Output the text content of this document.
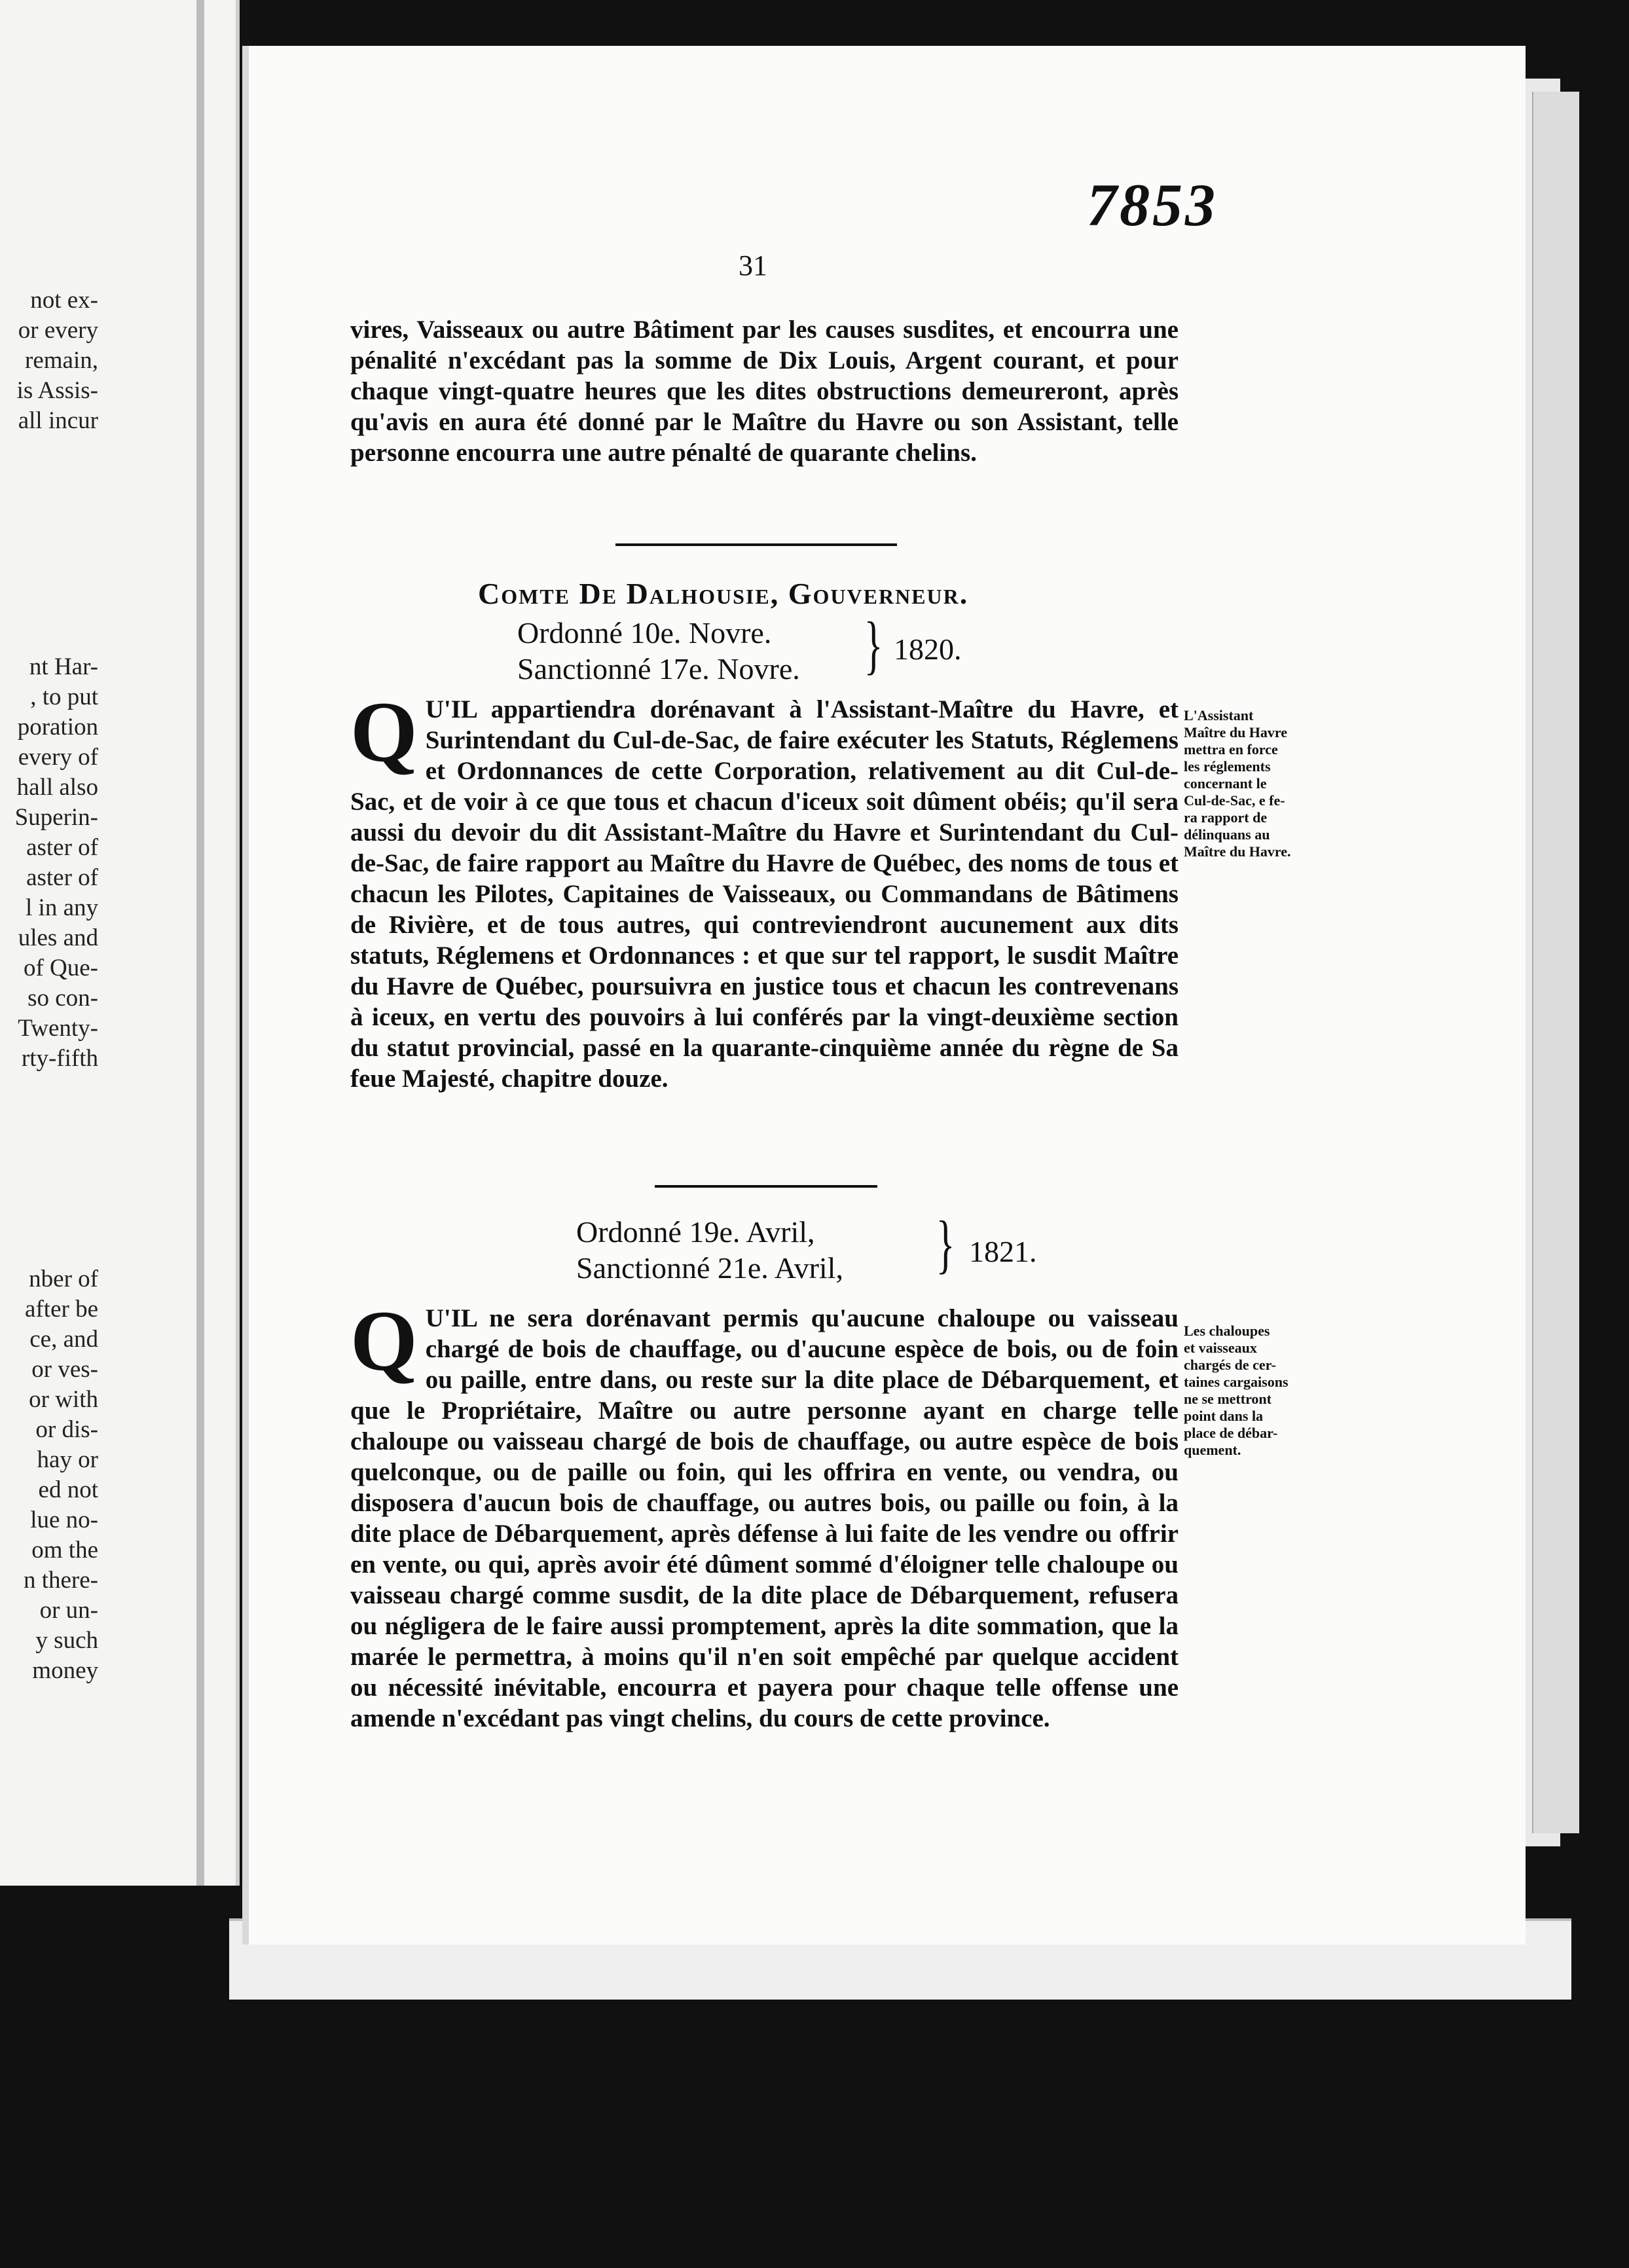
not ex-
or every
remain,
is Assis-
all incur
nt Har-
, to put
poration
every of
hall also
Superin-
aster of
aster of
l in any
ules and
of Que-
so con-
Twenty-
rty-fifth
nber of
after be
ce, and
or ves-
or with
or dis-
hay or
ed not
lue no-
om the
n there-
or un-
y such
money
7853
31

vires, Vaisseaux ou autre Bâtiment par les causes susdites, et encourra une pénalité n'excédant pas la somme de Dix Louis, Argent courant, et pour chaque vingt-quatre heures que les dites obstructions demeureront, après qu'avis en aura été donné par le Maître du Havre ou son Assistant, telle personne encourra une autre pénalté de quarante chelins.

Comte De Dalhousie, Gouverneur.
Ordonné 10e. Novre.
Sanctionné 17e. Novre. } 1820.
Q U'IL appartiendra dorénavant à l'Assistant-Maître du Havre, et Surintendant du Cul-de-Sac, de faire exécuter les Statuts, Réglemens et Ordonnances de cette Corporation, relativement au dit Cul-de-Sac, et de voir à ce que tous et chacun d'iceux soit dûment obéis; qu'il sera aussi du devoir du dit Assistant-Maître du Havre et Surintendant du Cul-de-Sac, de faire rapport au Maître du Havre de Québec, des noms de tous et chacun les Pilotes, Capitaines de Vaisseaux, ou Commandans de Bâtimens de Rivière, et de tous autres, qui contreviendront aucunement aux dits statuts, Réglemens et Ordonnances : et que sur tel rapport, le susdit Maître du Havre de Québec, poursuivra en justice tous et chacun les contrevenans à iceux, en vertu des pouvoirs à lui conférés par la vingt-deuxième section du statut provincial, passé en la quarante-cinquième année du règne de Sa feue Majesté, chapitre douze.
L'Assistant
Maître du Havre
mettra en force
les réglements
concernant le
Cul-de-Sac, e fe-
ra rapport de
délinquans au
Maître du Havre.
Ordonné 19e. Avril,
Sanctionné 21e. Avril, } 1821.
Q U'IL ne sera dorénavant permis qu'aucune chaloupe ou vaisseau chargé de bois de chauffage, ou d'aucune espèce de bois, ou de foin ou paille, entre dans, ou reste sur la dite place de Débarquement, et que le Propriétaire, Maître ou autre personne ayant en charge telle chaloupe ou vaisseau chargé de bois de chauffage, ou autre espèce de bois quelconque, ou de paille ou foin, qui les offrira en vente, ou vendra, ou disposera d'aucun bois de chauffage, ou autres bois, ou paille ou foin, à la dite place de Débarquement, après défense à lui faite de les vendre ou offrir en vente, ou qui, après avoir été dûment sommé d'éloigner telle chaloupe ou vaisseau chargé comme susdit, de la dite place de Débarquement, refusera ou négligera de le faire aussi promptement, après la dite sommation, que la marée le permettra, à moins qu'il n'en soit empêché par quelque accident ou nécessité inévitable, encourra et payera pour chaque telle offense une amende n'excédant pas vingt chelins, du cours de cette province.
Les chaloupes
et vaisseaux
chargés de cer-
taines cargaisons
ne se mettront
point dans la
place de débar-
quement.
